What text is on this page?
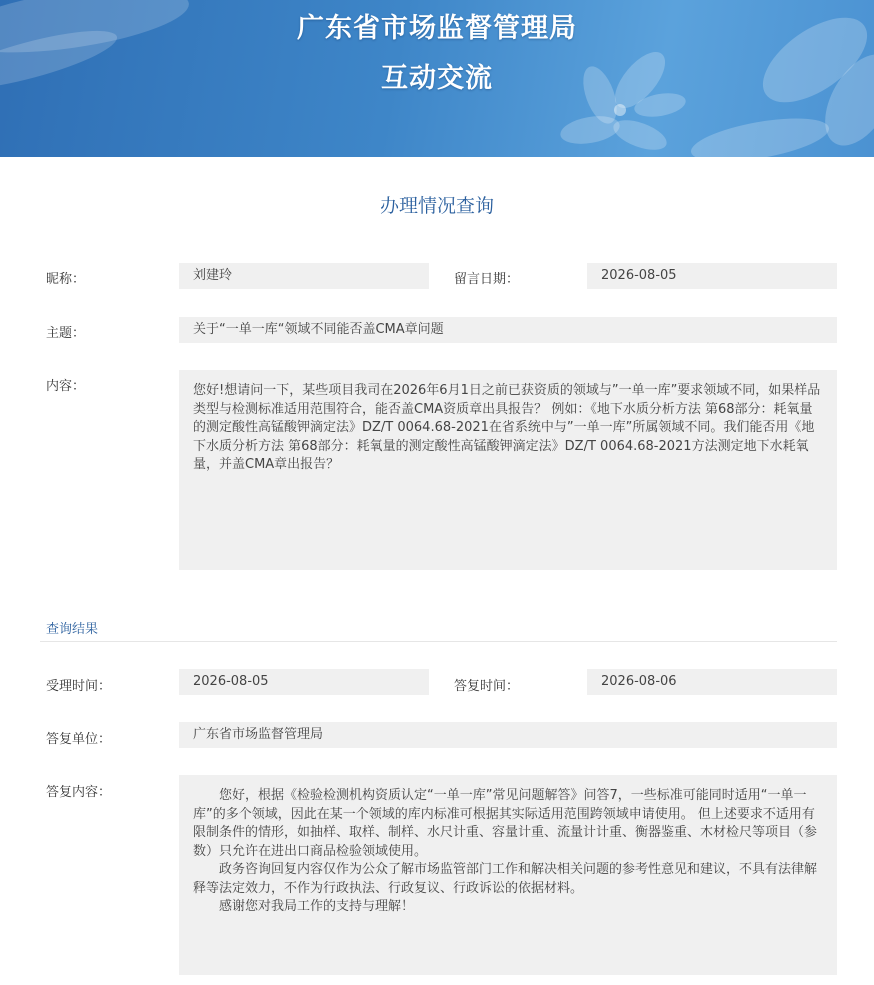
广东省市场监督管理局
互动交流
办理情况查询
昵称：	刘建玲	留言日期：	2026-08-05
主题：	关于“一单一库“领域不同能否盖CMA章问题
内容：	您好!想请问一下，某些项目我司在2026年6月1日之前已获资质的领域与”一单一库”要求领域不同，如果样品类型与检测标准适用范围符合，能否盖CMA资质章出具报告？ 例如：《地下水质分析方法 第68部分：耗氧量的测定酸性高锰酸钾滴定法》DZ/T 0064.68-2021在省系统中与”一单一库”所属领域不同。我们能否用《地下水质分析方法 第68部分：耗氧量的测定酸性高锰酸钾滴定法》DZ/T 0064.68-2021方法测定地下水耗氧量，并盖CMA章出报告？

查询结果
受理时间：	2026-08-05	答复时间：	2026-08-06
答复单位：	广东省市场监督管理局
答复内容：	您好，根据《检验检测机构资质认定“一单一库”常见问题解答》问答7，一些标准可能同时适用“一单一库”的多个领域，因此在某一个领域的库内标准可根据其实际适用范围跨领域申请使用。 但上述要求不适用有限制条件的情形，如抽样、取样、制样、水尺计重、容量计重、流量计计重、衡器鉴重、木材检尺等项目（参数）只允许在进出口商品检验领域使用。

政务咨询回复内容仅作为公众了解市场监管部门工作和解决相关问题的参考性意见和建议，不具有法律解释等法定效力，不作为行政执法、行政复议、行政诉讼的依据材料。

感谢您对我局工作的支持与理解！
